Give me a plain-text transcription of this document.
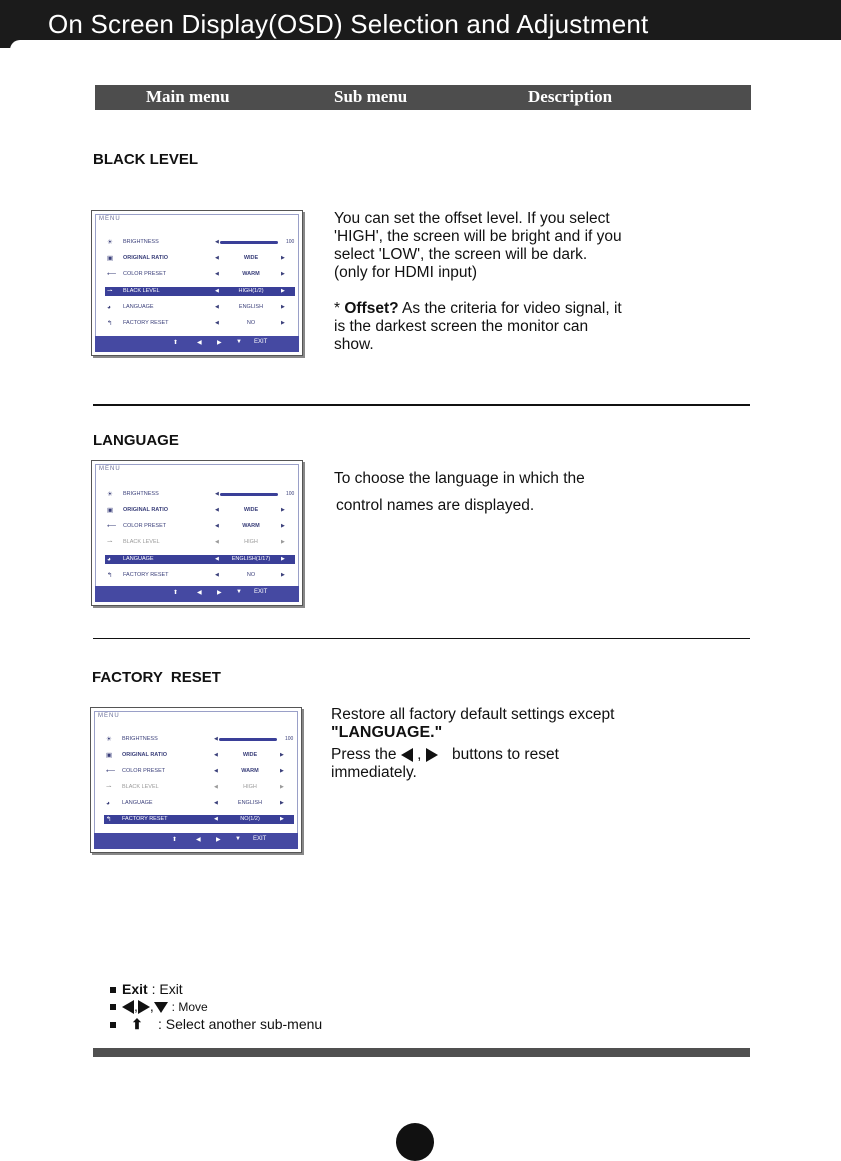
On Screen Display(OSD) Selection and Adjustment
Main menu	Sub menu	Description
BLACK LEVEL
MENU
☀	BRIGHTNESS	◀	100
▣	ORIGINAL RATIO	◀	WIDE	▶
⟵ COLOR PRESET	◀	WARM	▶
⇀	BLACK LEVEL	◀	HIGH(1/2)	▶
◕	LANGUAGE	◀	ENGLISH	▶
↰	FACTORY RESET	◀	NO	▶
⬆	◀	▶ ▼ EXIT
You can set the offset level. If you select
'HIGH', the screen will be bright and if you
select 'LOW', the screen will be dark.
(only for HDMI input)
* Offset? As the criteria for video signal, it
is the darkest screen the monitor can
show.
LANGUAGE
MENU
☀	BRIGHTNESS	◀	100
▣	ORIGINAL RATIO	◀	WIDE	▶
⟵ COLOR PRESET	◀	WARM	▶
⇀	BLACK LEVEL	◀	HIGH	▶
◕	LANGUAGE	◀	ENGLISH(1/17)	▶
↰	FACTORY RESET	◀	NO	▶
⬆	◀	▶ ▼ EXIT
To choose the language in which the
control names are displayed.
FACTORY  RESET
MENU
☀	BRIGHTNESS	◀	100
▣	ORIGINAL RATIO	◀	WIDE	▶
⟵ COLOR PRESET	◀	WARM	▶
⇀	BLACK LEVEL	◀	HIGH	▶
◕	LANGUAGE	◀	ENGLISH	▶
↰	FACTORY RESET	◀	NO(1/2)	▶
⬆	◀	▶ ▼ EXIT
Restore all factory default settings except
"LANGUAGE."
Press the , buttons to reset
immediately.
Exit : Exit
, , : Move
⬆ : Select another sub-menu
